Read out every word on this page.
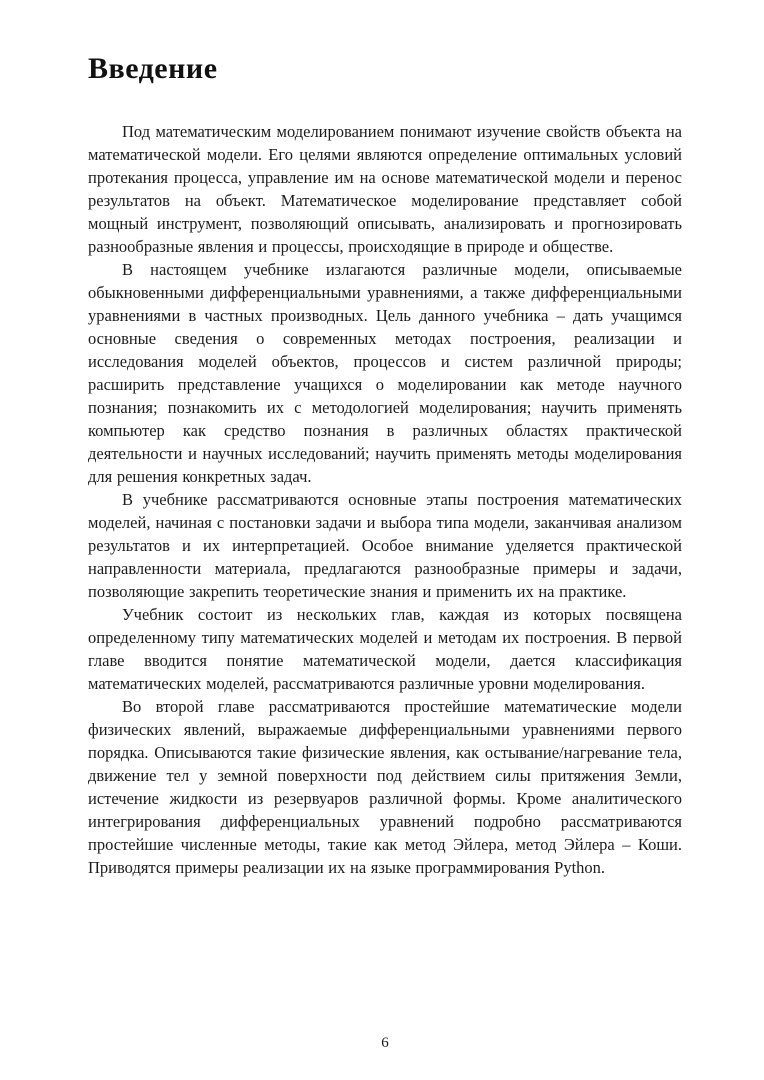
Введение

Под математическим моделированием понимают изучение свойств объекта на математической модели. Его целями являются определение оптимальных условий протекания процесса, управление им на основе математической модели и перенос результатов на объект. Математическое моделирование представляет собой мощный инструмент, позволяющий описывать, анализировать и прогнозировать разнообразные явления и процессы, происходящие в природе и обществе.

В настоящем учебнике излагаются различные модели, описываемые обыкновенными дифференциальными уравнениями, а также дифференциальными уравнениями в частных производных. Цель данного учебника – дать учащимся основные сведения о современных методах построения, реализации и исследования моделей объектов, процессов и систем различной природы; расширить представление учащихся о моделировании как методе научного познания; познакомить их с методологией моделирования; научить применять компьютер как средство познания в различных областях практической деятельности и научных исследований; научить применять методы моделирования для решения конкретных задач.

В учебнике рассматриваются основные этапы построения математических моделей, начиная с постановки задачи и выбора типа модели, заканчивая анализом результатов и их интерпретацией. Особое внимание уделяется практической направленности материала, предлагаются разнообразные примеры и задачи, позволяющие закрепить теоретические знания и применить их на практике.

Учебник состоит из нескольких глав, каждая из которых посвящена определенному типу математических моделей и методам их построения. В первой главе вводится понятие математической модели, дается классификация математических моделей, рассматриваются различные уровни моделирования.

Во второй главе рассматриваются простейшие математические модели физических явлений, выражаемые дифференциальными уравнениями первого порядка. Описываются такие физические явления, как остывание/нагревание тела, движение тел у земной поверхности под действием силы притяжения Земли, истечение жидкости из резервуаров различной формы. Кроме аналитического интегрирования дифференциальных уравнений подробно рассматриваются простейшие численные методы, такие как метод Эйлера, метод Эйлера – Коши. Приводятся примеры реализации их на языке программирования Python.

6
